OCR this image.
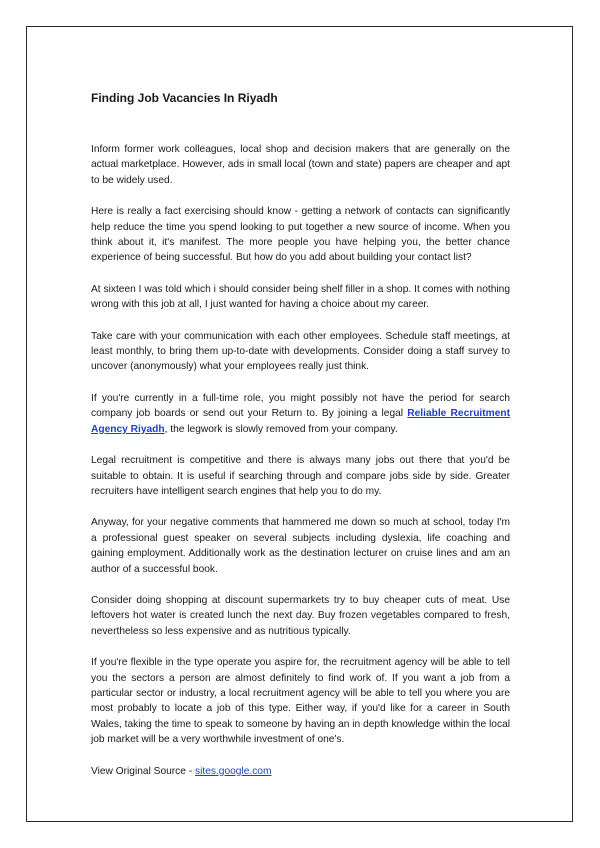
Finding Job Vacancies In Riyadh

Inform former work colleagues, local shop and decision makers that are generally on the actual marketplace. However, ads in small local (town and state) papers are cheaper and apt to be widely used.

Here is really a fact exercising should know - getting a network of contacts can significantly help reduce the time you spend looking to put together a new source of income. When you think about it, it's manifest. The more people you have helping you, the better chance experience of being successful. But how do you add about building your contact list?

At sixteen I was told which i should consider being shelf filler in a shop. It comes with nothing wrong with this job at all, I just wanted for having a choice about my career.

Take care with your communication with each other employees. Schedule staff meetings, at least monthly, to bring them up-to-date with developments. Consider doing a staff survey to uncover (anonymously) what your employees really just think.

If you're currently in a full-time role, you might possibly not have the period for search company job boards or send out your Return to. By joining a legal Reliable Recruitment Agency Riyadh, the legwork is slowly removed from your company.

Legal recruitment is competitive and there is always many jobs out there that you'd be suitable to obtain. It is useful if searching through and compare jobs side by side. Greater recruiters have intelligent search engines that help you to do my.

Anyway, for your negative comments that hammered me down so much at school, today I'm a professional guest speaker on several subjects including dyslexia, life coaching and gaining employment. Additionally work as the destination lecturer on cruise lines and am an author of a successful book.

Consider doing shopping at discount supermarkets try to buy cheaper cuts of meat. Use leftovers hot water is created lunch the next day. Buy frozen vegetables compared to fresh, nevertheless so less expensive and as nutritious typically.

If you're flexible in the type operate you aspire for, the recruitment agency will be able to tell you the sectors a person are almost definitely to find work of. If you want a job from a particular sector or industry, a local recruitment agency will be able to tell you where you are most probably to locate a job of this type. Either way, if you'd like for a career in South Wales, taking the time to speak to someone by having an in depth knowledge within the local job market will be a very worthwhile investment of one's.

View Original Source - sites.google.com
